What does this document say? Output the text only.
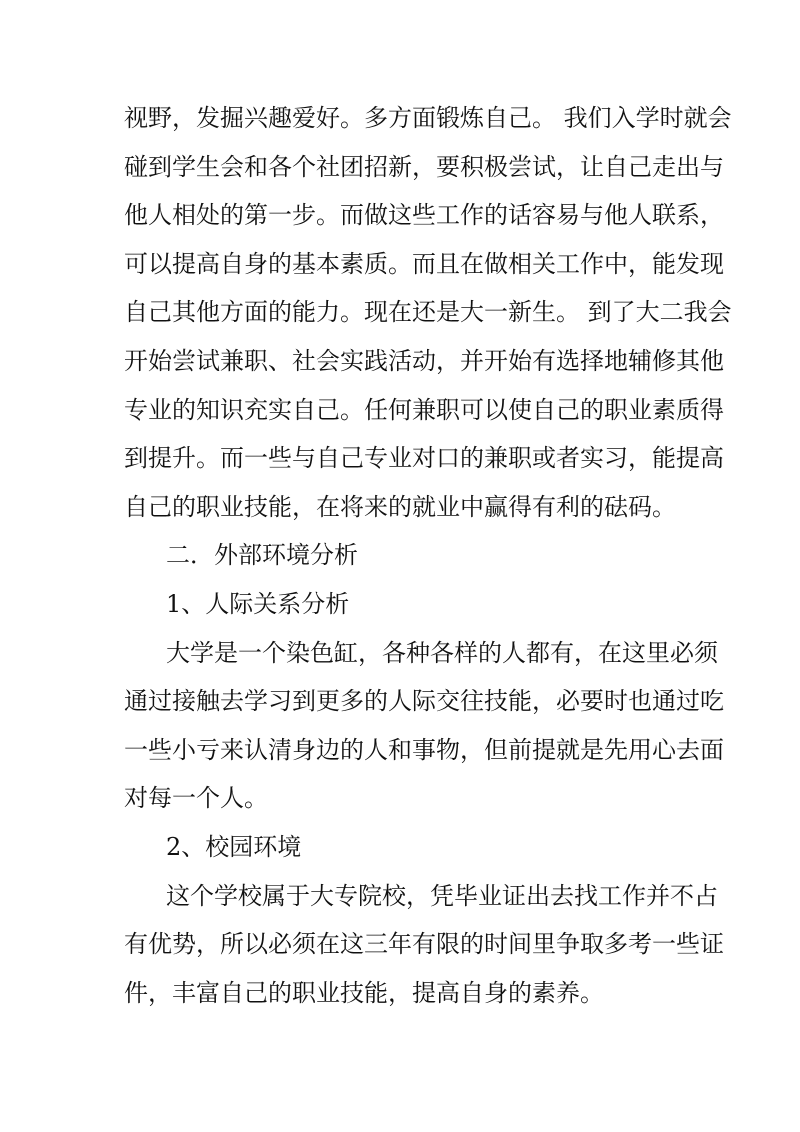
视野，发掘兴趣爱好。多方面锻炼自己。 我们入学时就会
碰到学生会和各个社团招新，要积极尝试，让自己走出与
他人相处的第一步。而做这些工作的话容易与他人联系，
可以提高自身的基本素质。而且在做相关工作中，能发现
自己其他方面的能力。现在还是大一新生。 到了大二我会
开始尝试兼职、社会实践活动，并开始有选择地辅修其他
专业的知识充实自己。任何兼职可以使自己的职业素质得
到提升。而一些与自己专业对口的兼职或者实习，能提高
自己的职业技能，在将来的就业中赢得有利的砝码。
二．外部环境分析
1、人际关系分析
大学是一个染色缸，各种各样的人都有，在这里必须
通过接触去学习到更多的人际交往技能，必要时也通过吃
一些小亏来认清身边的人和事物，但前提就是先用心去面
对每一个人。
2、校园环境
这个学校属于大专院校，凭毕业证出去找工作并不占
有优势，所以必须在这三年有限的时间里争取多考一些证
件，丰富自己的职业技能，提高自身的素养。
